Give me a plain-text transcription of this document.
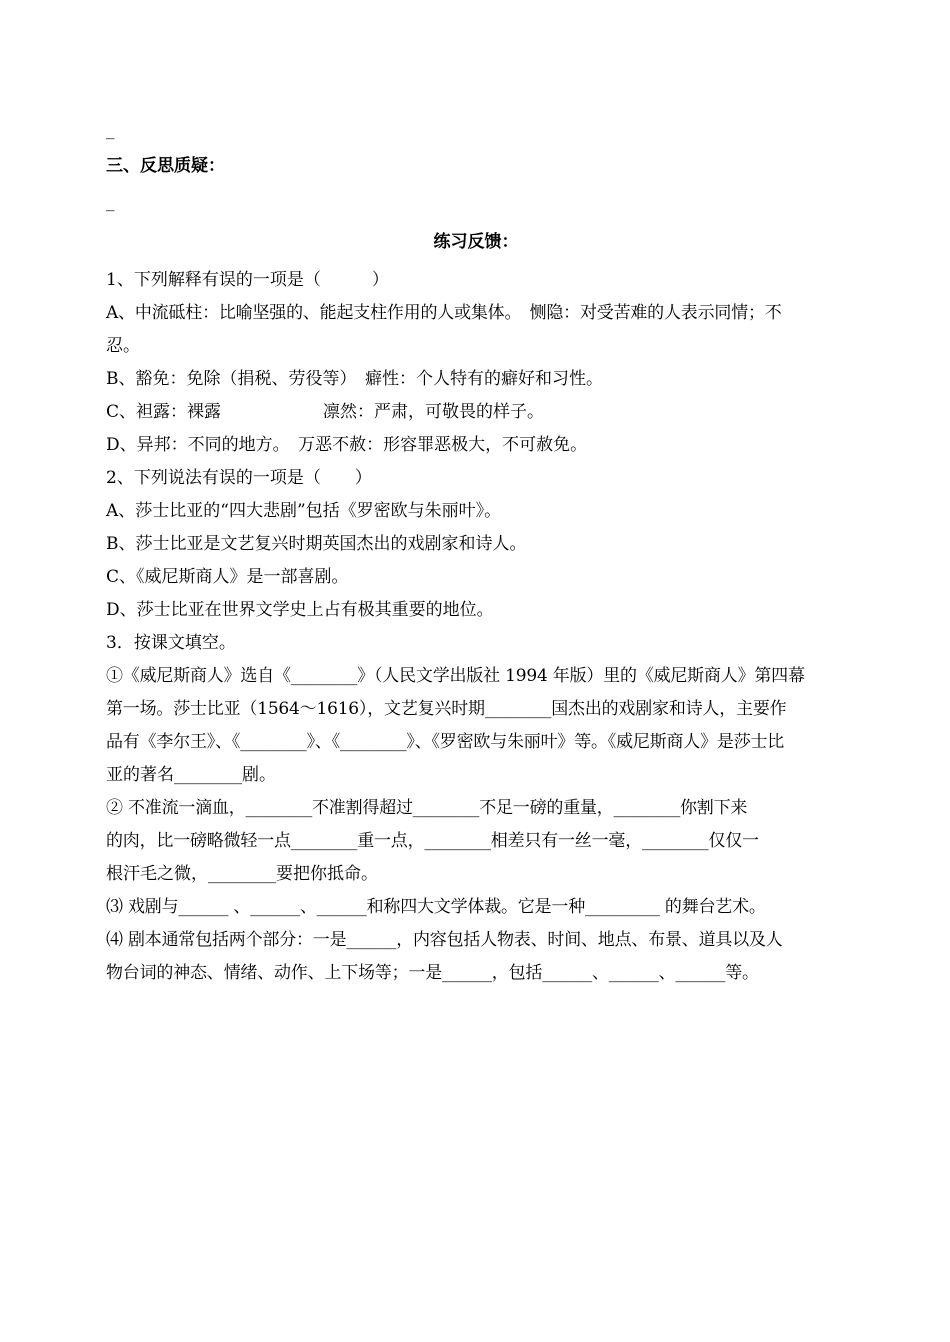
_
三、反思质疑：
_
练习反馈：
1、下列解释有误的一项是（　　　）
A、中流砥柱：比喻坚强的、能起支柱作用的人或集体。　恻隐：对受苦难的人表示同情；不
忍。
B、豁免：免除（捐税、劳役等）　癖性：个人特有的癖好和习性。
C、袒露：裸露　　　　　　凛然：严肃，可敬畏的样子。
D、异邦：不同的地方。　万恶不赦：形容罪恶极大，不可赦免。
2、下列说法有误的一项是（　　）
A、莎士比亚的“四大悲剧”包括《罗密欧与朱丽叶》。
B、莎士比亚是文艺复兴时期英国杰出的戏剧家和诗人。
C、《威尼斯商人》是一部喜剧。
D、莎士比亚在世界文学史上占有极其重要的地位。
3．按课文填空。
①《威尼斯商人》选自《________》（人民文学出版社 1994 年版）里的《威尼斯商人》第四幕
第一场。莎士比亚（1564～1616），文艺复兴时期________国杰出的戏剧家和诗人，主要作
品有《李尔王》、《________》、《________》、《罗密欧与朱丽叶》等。《威尼斯商人》是莎士比
亚的著名________剧。
② 不准流一滴血，________不准割得超过________不足一磅的重量，________你割下来
的肉，比一磅略微轻一点________重一点，________相差只有一丝一毫，________仅仅一
根汗毛之微，________要把你抵命。
⑶ 戏剧与______ 、______、______和称四大文学体裁。它是一种_________ 的舞台艺术。
⑷ 剧本通常包括两个部分：一是______，内容包括人物表、时间、地点、布景、道具以及人
物台词的神态、情绪、动作、上下场等；一是______，包括______、______、______等。
